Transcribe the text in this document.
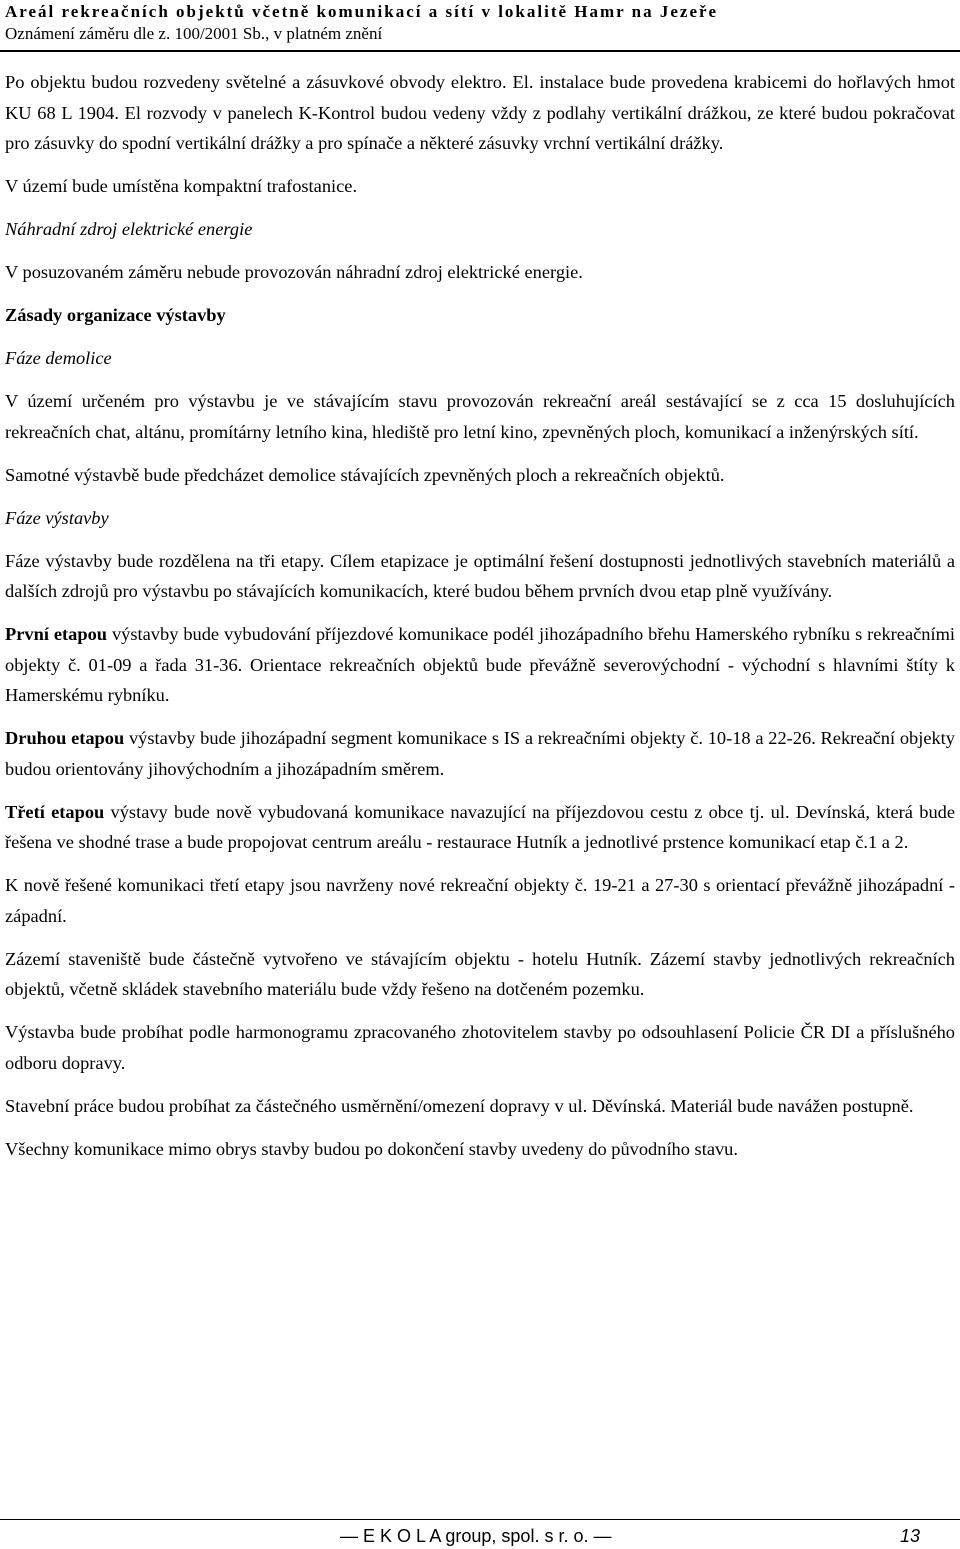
Areál rekreačních objektů včetně komunikací a sítí v lokalitě Hamr na Jezeře
Oznámení záměru dle z. 100/2001 Sb., v platném znění

Po objektu budou rozvedeny světelné a zásuvkové obvody elektro. El. instalace bude provedena krabicemi do hořlavých hmot KU 68 L 1904. El rozvody v panelech K-Kontrol budou vedeny vždy z podlahy vertikální drážkou, ze které budou pokračovat pro zásuvky do spodní vertikální drážky a pro spínače a některé zásuvky vrchní vertikální drážky.

V území bude umístěna kompaktní trafostanice.

Náhradní zdroj elektrické energie

V posuzovaném záměru nebude provozován náhradní zdroj elektrické energie.

Zásady organizace výstavby

Fáze demolice

V území určeném pro výstavbu je ve stávajícím stavu provozován rekreační areál sestávající se z cca 15 dosluhujících rekreačních chat, altánu, promítárny letního kina, hlediště pro letní kino, zpevněných ploch, komunikací a inženýrských sítí.

Samotné výstavbě bude předcházet demolice stávajících zpevněných ploch a rekreačních objektů.

Fáze výstavby

Fáze výstavby bude rozdělena na tři etapy. Cílem etapizace je optimální řešení dostupnosti jednotlivých stavebních materiálů a dalších zdrojů pro výstavbu po stávajících komunikacích, které budou během prvních dvou etap plně využívány.

První etapou výstavby bude vybudování příjezdové komunikace podél jihozápadního břehu Hamerského rybníku s rekreačními objekty č. 01-09 a řada 31-36. Orientace rekreačních objektů bude převážně severovýchodní - východní s hlavními štíty k Hamerskému rybníku.

Druhou etapou výstavby bude jihozápadní segment komunikace s IS a rekreačními objekty č. 10-18 a 22-26. Rekreační objekty budou orientovány jihovýchodním a jihozápadním směrem.

Třetí etapou výstavy bude nově vybudovaná komunikace navazující na příjezdovou cestu z obce tj. ul. Devínská, která bude řešena ve shodné trase a bude propojovat centrum areálu - restaurace Hutník a jednotlivé prstence komunikací etap č.1 a 2.

K nově řešené komunikaci třetí etapy jsou navrženy nové rekreační objekty č. 19-21 a 27-30 s orientací převážně jihozápadní - západní.

Zázemí staveniště bude částečně vytvořeno ve stávajícím objektu - hotelu Hutník. Zázemí stavby jednotlivých rekreačních objektů, včetně skládek stavebního materiálu bude vždy řešeno na dotčeném pozemku.

Výstavba bude probíhat podle harmonogramu zpracovaného zhotovitelem stavby po odsouhlasení Policie ČR DI a příslušného odboru dopravy.

Stavební práce budou probíhat za částečného usměrnění/omezení dopravy v ul. Děvínská. Materiál bude navážen postupně.

Všechny komunikace mimo obrys stavby budou po dokončení stavby uvedeny do původního stavu.

— E K O L A group, spol. s r. o. —	13
